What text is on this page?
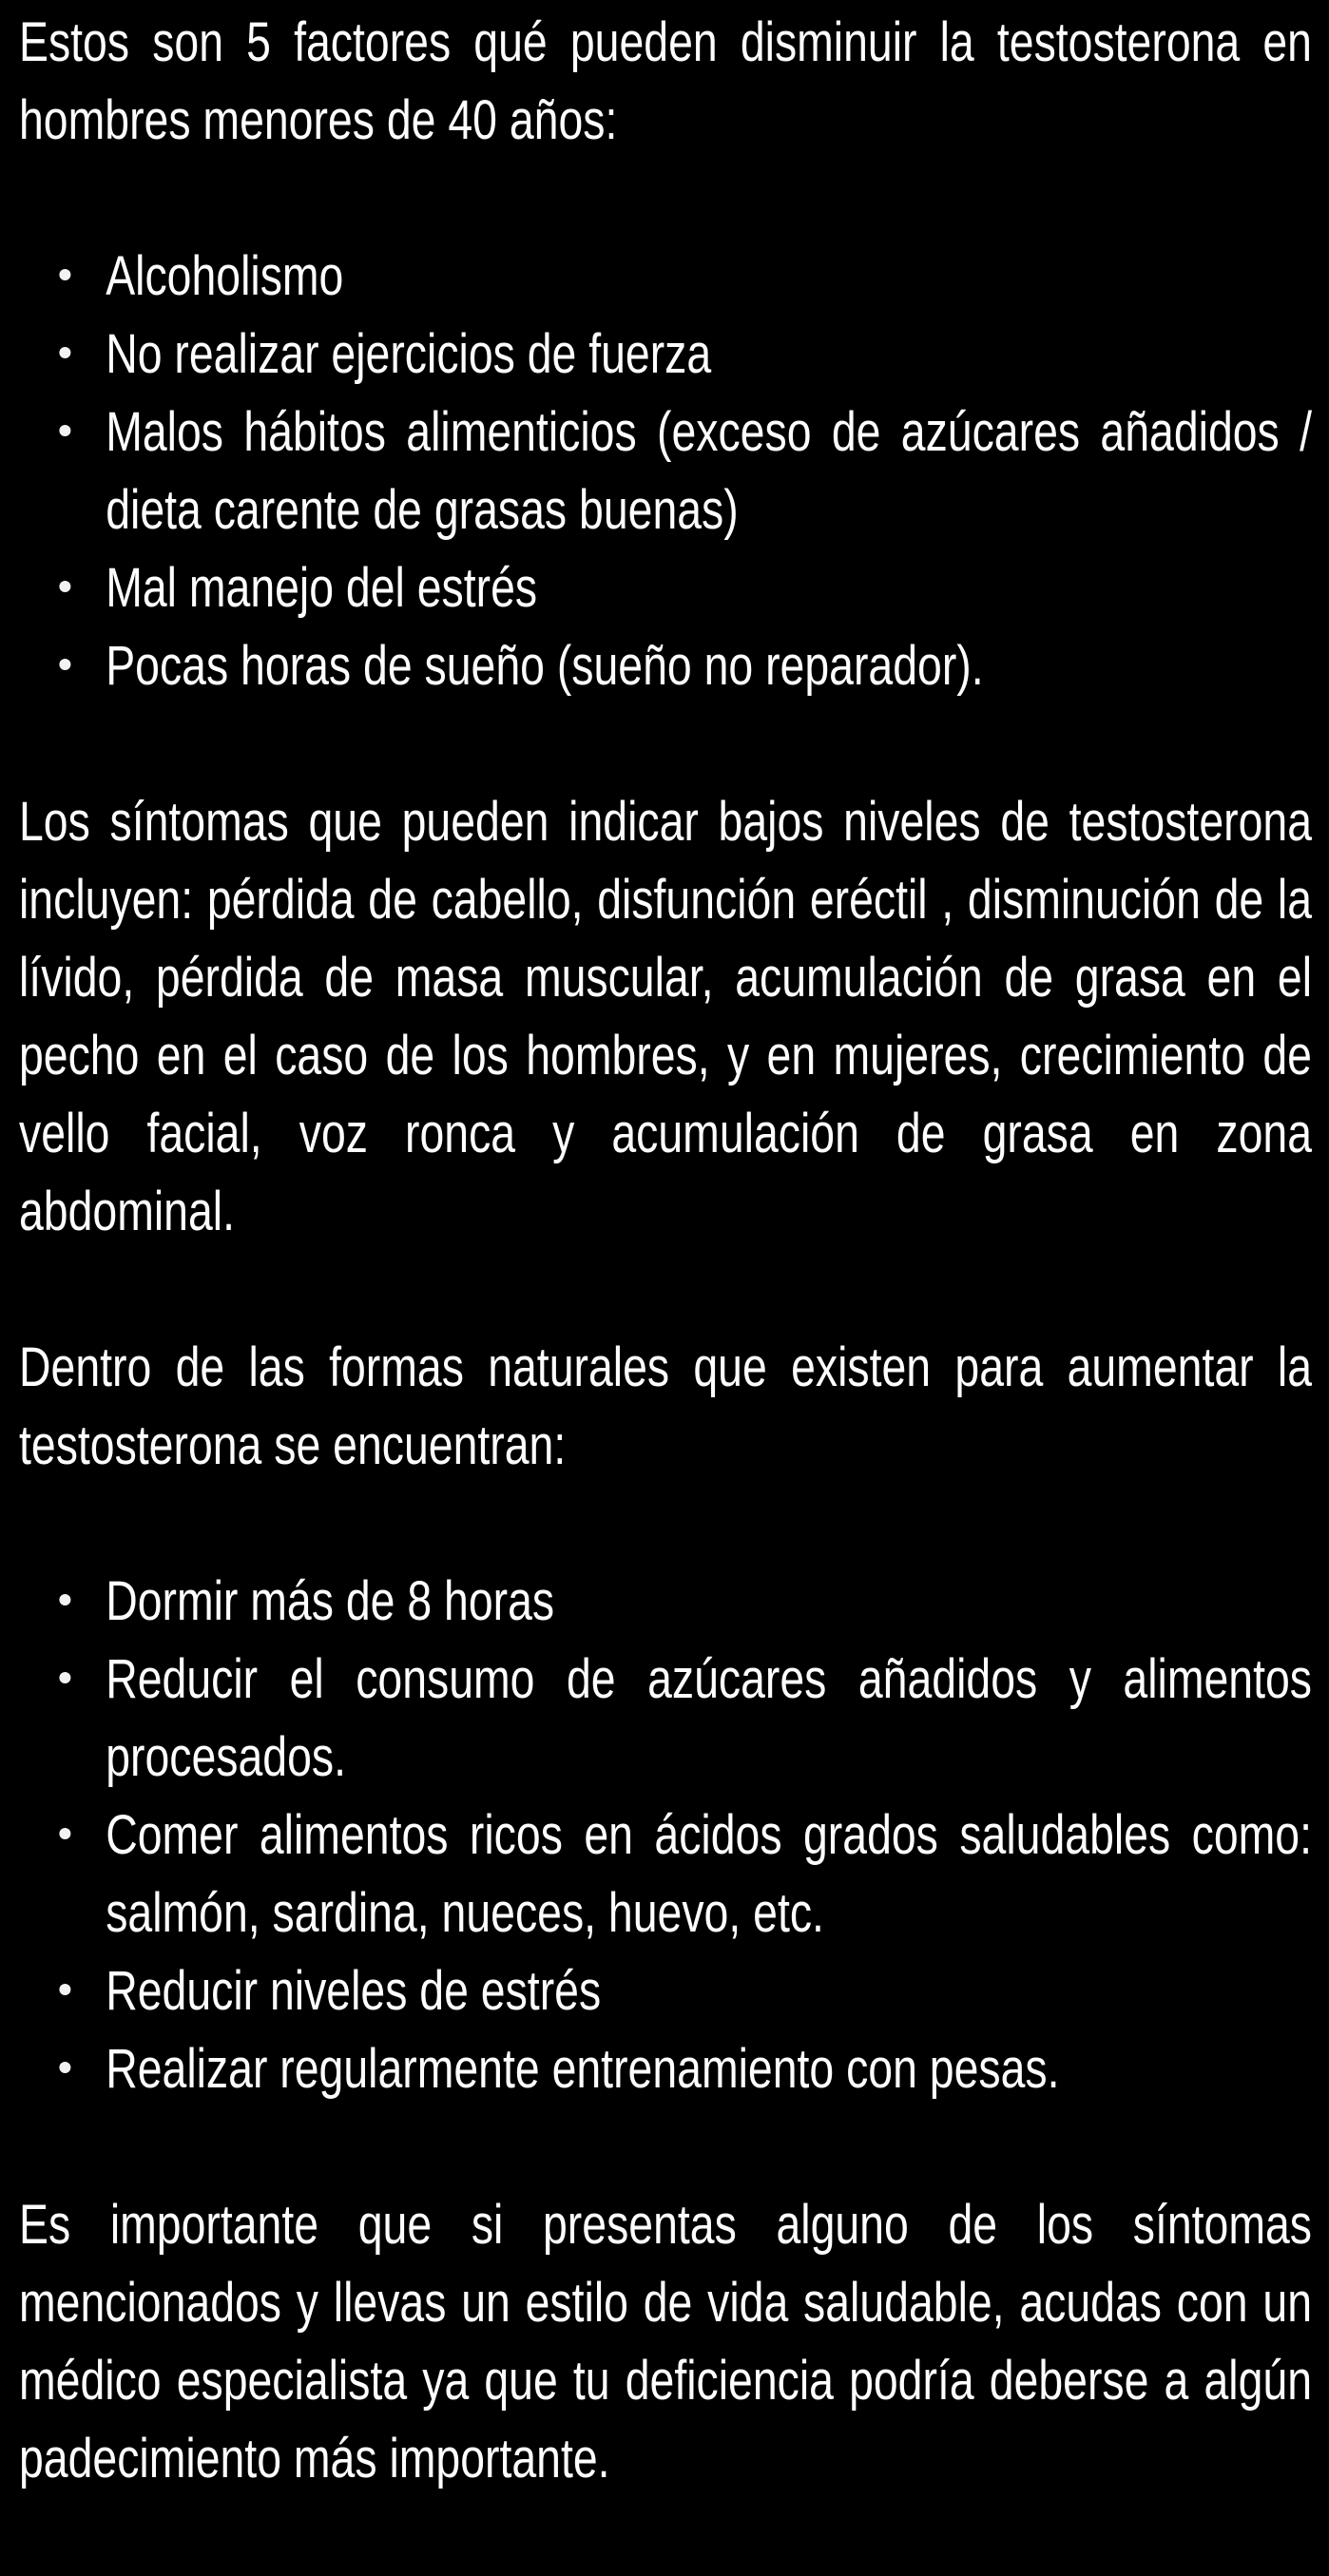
Estos son 5 factores qué pueden disminuir la testosterona en hombres menores de 40 años:

Alcoholismo
No realizar ejercicios de fuerza
Malos hábitos alimenticios (exceso de azúcares añadidos / dieta carente de grasas buenas)
Mal manejo del estrés
Pocas horas de sueño (sueño no reparador).

Los síntomas que pueden indicar bajos niveles de testosterona incluyen: pérdida de cabello, disfunción eréctil , disminución de la lívido, pérdida de masa muscular, acumulación de grasa en el pecho en el caso de los hombres, y en mujeres, crecimiento de vello facial, voz ronca y acumulación de grasa en zona abdominal.

Dentro de las formas naturales que existen para aumentar la testosterona se encuentran:

Dormir más de 8 horas
Reducir el consumo de azúcares añadidos y alimentos procesados.
Comer alimentos ricos en ácidos grados saludables como: salmón, sardina, nueces, huevo, etc.
Reducir niveles de estrés
Realizar regularmente entrenamiento con pesas.

Es importante que si presentas alguno de los síntomas mencionados y llevas un estilo de vida saludable, acudas con un médico especialista ya que tu deficiencia podría deberse a algún padecimiento más importante.
